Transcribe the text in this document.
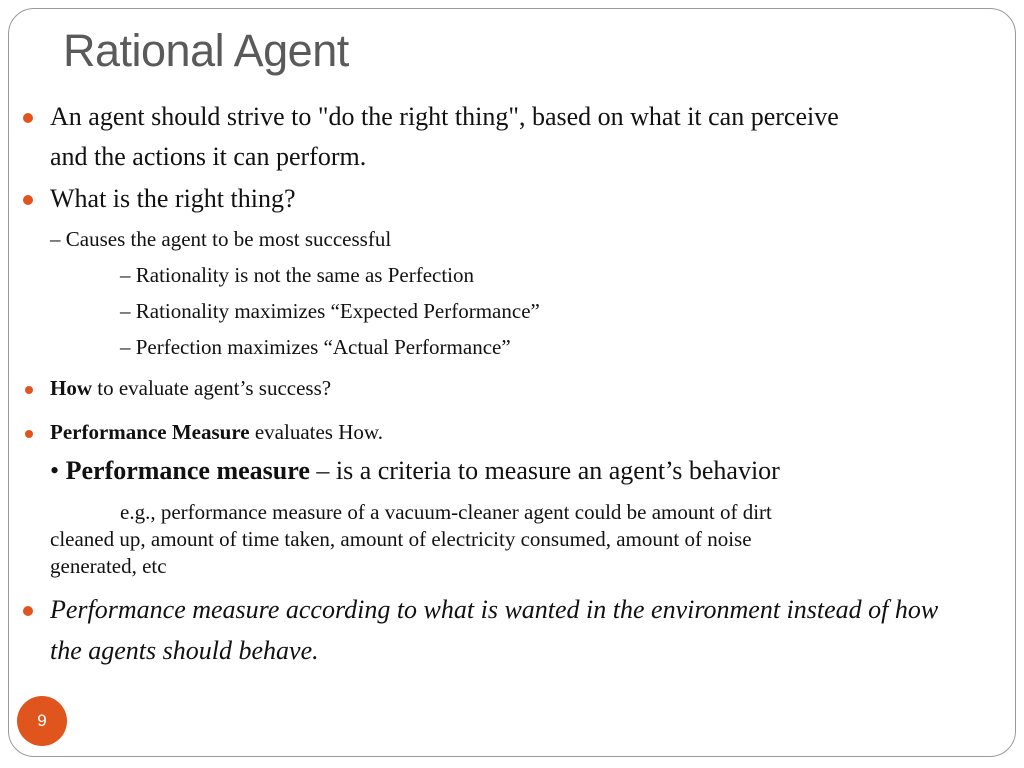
Rational Agent

An agent should strive to "do the right thing", based on what it can perceive

and the actions it can perform.

What is the right thing?

– Causes the agent to be most successful

– Rationality is not the same as Perfection

– Rationality maximizes “Expected Performance”

– Perfection maximizes “Actual Performance”

How to evaluate agent’s success?

Performance Measure evaluates How.

• Performance measure – is a criteria to measure an agent’s behavior

e.g., performance measure of a vacuum-cleaner agent could be amount of dirt

cleaned up, amount of time taken, amount of electricity consumed, amount of noise

generated, etc

Performance measure according to what is wanted in the environment instead of how

the agents should behave.

9
